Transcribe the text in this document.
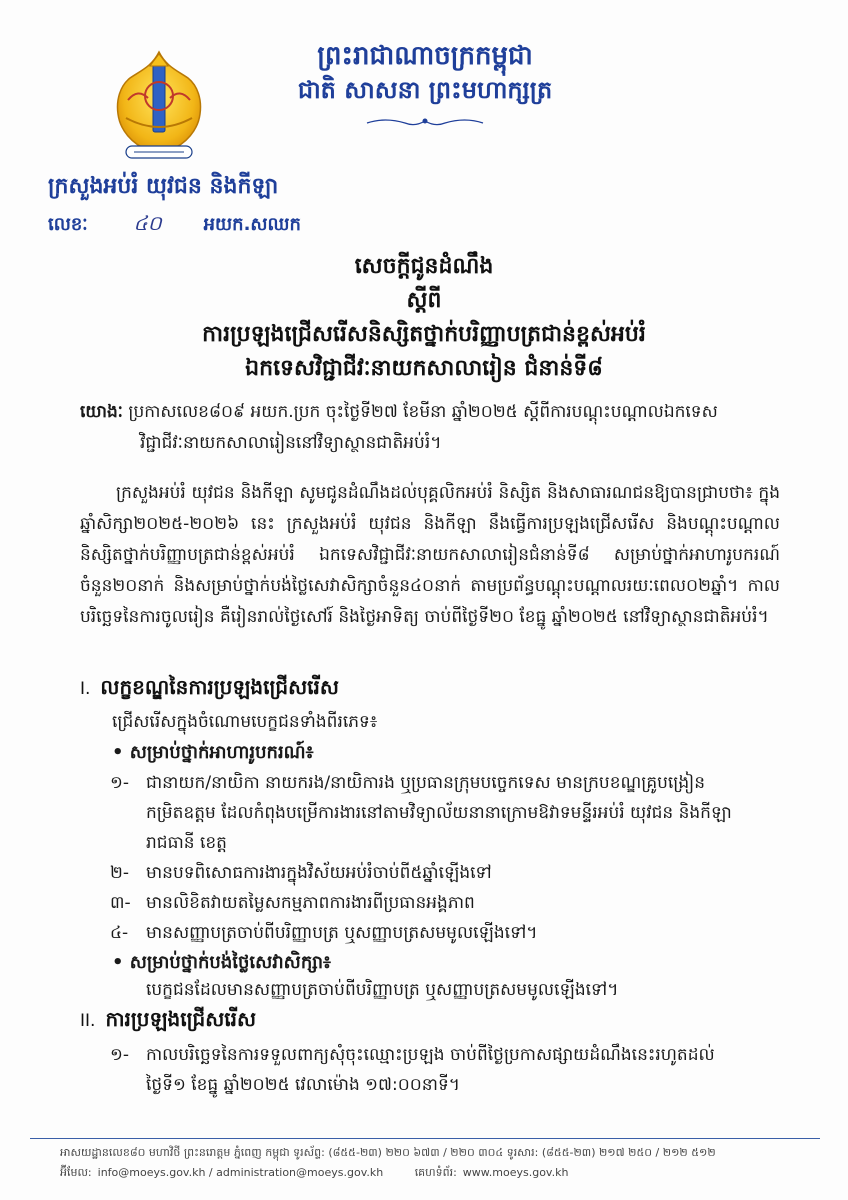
ព្រះរាជាណាចក្រកម្ពុជា
ជាតិ សាសនា ព្រះមហាក្សត្រ
ក្រសួងអប់រំ យុវជន និងកីឡា
លេខៈ ៤០ អយក.សឈក
សេចក្តីជូនដំណឹង
ស្តីពី
ការប្រឡងជ្រើសរើសនិស្សិតថ្នាក់បរិញ្ញាបត្រជាន់ខ្ពស់អប់រំ
ឯកទេសវិជ្ជាជីវៈនាយកសាលារៀន ជំនាន់ទី៨
យោងៈ ប្រកាសលេខ៨០៩ អយក.ប្រក ចុះថ្ងៃទី២៧ ខែមីនា ឆ្នាំ២០២៥ ស្តីពីការបណ្តុះបណ្តាលឯកទេស
វិជ្ជាជីវៈនាយកសាលារៀននៅវិទ្យាស្ថានជាតិអប់រំ។
ក្រសួងអប់រំ យុវជន និងកីឡា សូមជូនដំណឹងដល់បុគ្គលិកអប់រំ និស្សិត និងសាធារណជនឱ្យបានជ្រាបថា៖ ក្នុងឆ្នាំសិក្សា២០២៥-២០២៦ នេះ ក្រសួងអប់រំ យុវជន និងកីឡា នឹងធ្វើការប្រឡងជ្រើសរើស និងបណ្តុះបណ្តាលនិស្សិតថ្នាក់បរិញ្ញាបត្រជាន់ខ្ពស់អប់រំ ឯកទេសវិជ្ជាជីវៈនាយកសាលារៀនជំនាន់ទី៨ សម្រាប់ថ្នាក់អាហារូបករណ៍ចំនួន២០នាក់ និងសម្រាប់ថ្នាក់បង់ថ្លៃសេវាសិក្សាចំនួន៤០នាក់ តាមប្រព័ន្ធបណ្តុះបណ្តាលរយៈពេល០២ឆ្នាំ។ កាលបរិច្ឆេទនៃការចូលរៀន គឺរៀនរាល់ថ្ងៃសៅរ៍ និងថ្ងៃអាទិត្យ ចាប់ពីថ្ងៃទី២០ ខែធ្នូ ឆ្នាំ២០២៥ នៅវិទ្យាស្ថានជាតិអប់រំ។
I. លក្ខខណ្ឌនៃការប្រឡងជ្រើសរើស
ជ្រើសរើសក្នុងចំណោមបេក្ខជនទាំងពីរភេទ៖
• សម្រាប់ថ្នាក់អាហារូបករណ៍៖
១- ជានាយក/នាយិកា នាយករង/នាយិការង ឬប្រធានក្រុមបច្ចេកទេស មានក្របខណ្ឌគ្រូបង្រៀន
កម្រិតឧត្តម ដែលកំពុងបម្រើការងារនៅតាមវិទ្យាល័យនានាក្រោមឱវាទមន្ទីរអប់រំ យុវជន និងកីឡា
រាជធានី ខេត្ត
២- មានបទពិសោធការងារក្នុងវិស័យអប់រំចាប់ពី៥ឆ្នាំឡើងទៅ
៣- មានលិខិតវាយតម្លៃសកម្មភាពការងារពីប្រធានអង្គភាព
៤- មានសញ្ញាបត្រចាប់ពីបរិញ្ញាបត្រ ឬសញ្ញាបត្រសមមូលឡើងទៅ។
• សម្រាប់ថ្នាក់បង់ថ្លៃសេវាសិក្សា៖
បេក្ខជនដែលមានសញ្ញាបត្រចាប់ពីបរិញ្ញាបត្រ ឬសញ្ញាបត្រសមមូលឡើងទៅ។
II. ការប្រឡងជ្រើសរើស
១- កាលបរិច្ឆេទនៃការទទួលពាក្យសុំចុះឈ្មោះប្រឡង ចាប់ពីថ្ងៃប្រកាសផ្សាយដំណឹងនេះរហូតដល់
ថ្ងៃទី១ ខែធ្នូ ឆ្នាំ២០២៥ វេលាម៉ោង ១៧:០០នាទី។
អាសយដ្ឋានលេខ៨០ មហាវិថី ព្រះនរោត្តម ភ្នំពេញ កម្ពុជា ទូរស័ព្ទ: (៨៥៥-២៣) ២២០ ៦៧៣ / ២២០ ៣០៤ ទូរសារ: (៨៥៥-២៣) ២១៧ ២៥០ / ២១២ ៥១២
អ៊ីមែល: info@moeys.gov.kh / administration@moeys.gov.kh	គេហទំព័រ: www.moeys.gov.kh
